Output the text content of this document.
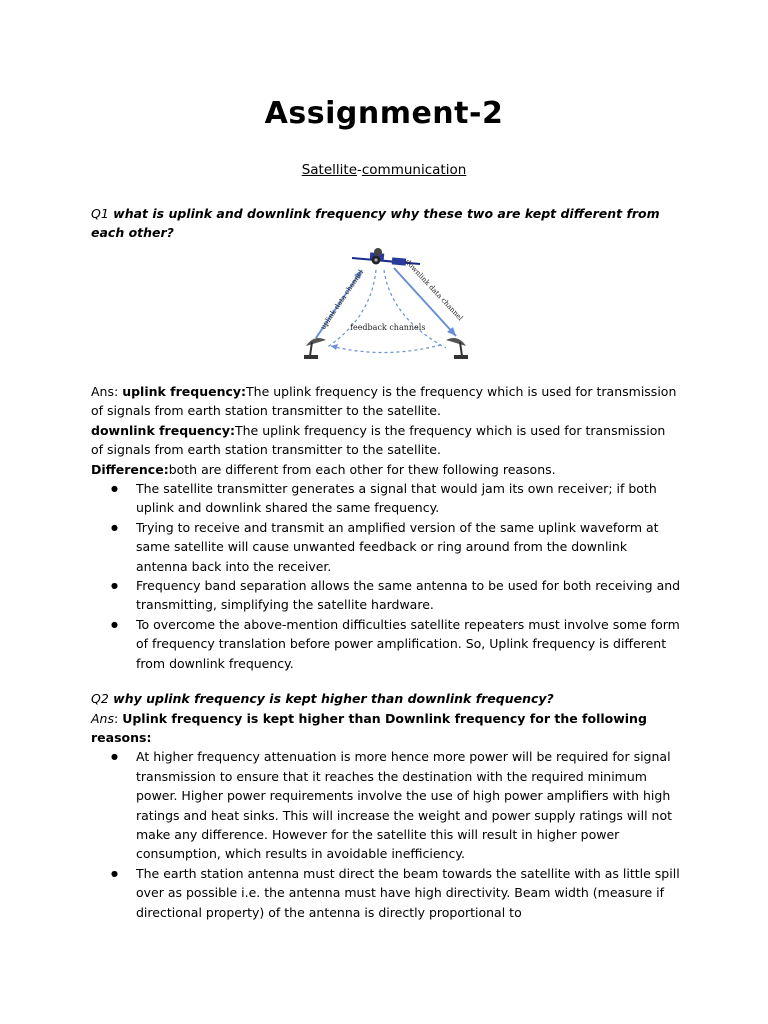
Assignment-2
Satellite-communication
Q1 what is uplink and downlink frequency why these two are kept different from each other?
uplink data channel	downlink data channel
feedback channels

Ans: uplink frequency:The uplink frequency is the frequency which is used for transmission of signals from earth station transmitter to the satellite.

downlink frequency:The uplink frequency is the frequency which is used for transmission of signals from earth station transmitter to the satellite.

Difference:both are different from each other for thew following reasons.

● The satellite transmitter generates a signal that would jam its own receiver; if both uplink and downlink shared the same frequency.
● Trying to receive and transmit an amplified version of the same uplink waveform at same satellite will cause unwanted feedback or ring around from the downlink antenna back into the receiver.
● Frequency band separation allows the same antenna to be used for both receiving and transmitting, simplifying the satellite hardware.
● To overcome the above-mention difficulties satellite repeaters must involve some form of frequency translation before power amplification. So, Uplink frequency is different from downlink frequency.

Q2 why uplink frequency is kept higher than downlink frequency?

Ans: Uplink frequency is kept higher than Downlink frequency for the following reasons:

● At higher frequency attenuation is more hence more power will be required for signal transmission to ensure that it reaches the destination with the required minimum power. Higher power requirements involve the use of high power amplifiers with high ratings and heat sinks. This will increase the weight and power supply ratings will not make any difference. However for the satellite this will result in higher power consumption, which results in avoidable inefficiency.
● The earth station antenna must direct the beam towards the satellite with as little spill over as possible i.e. the antenna must have high directivity. Beam width (measure if directional property) of the antenna is directly proportional to
